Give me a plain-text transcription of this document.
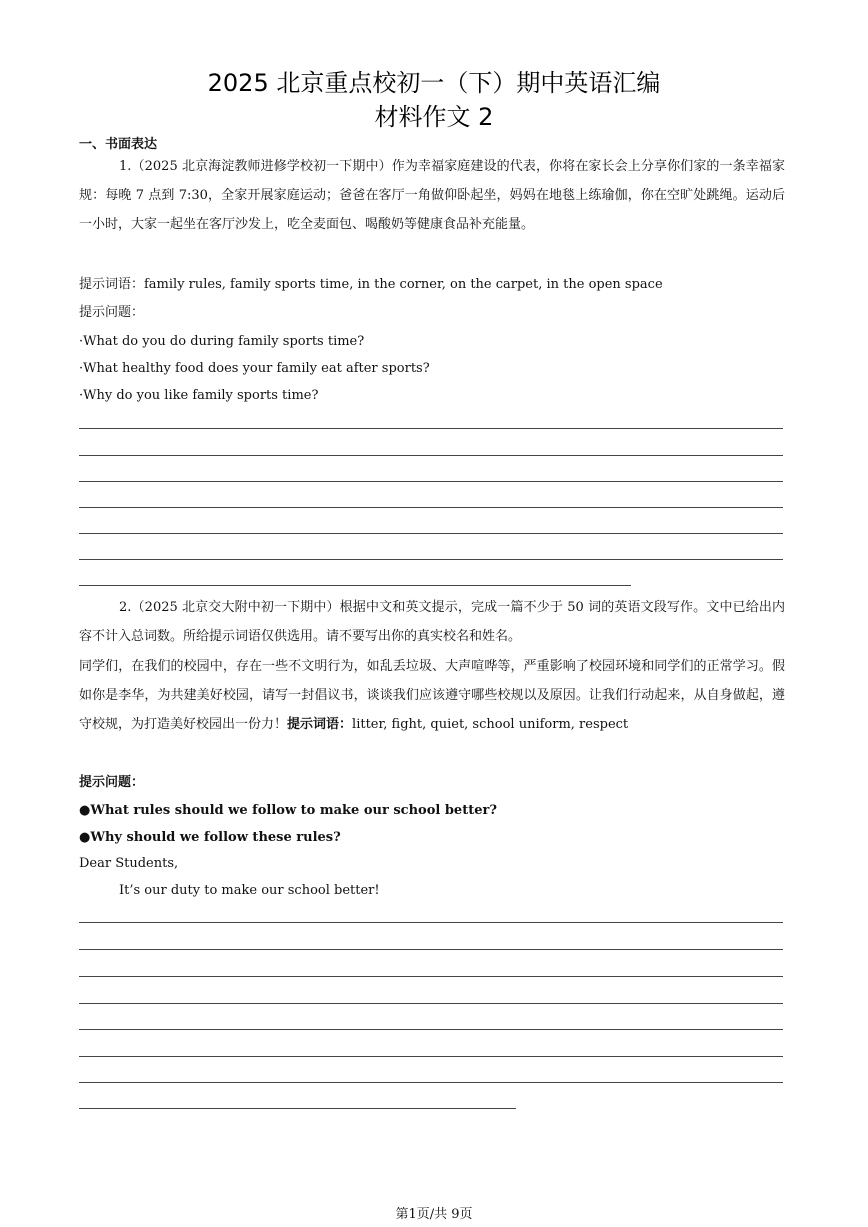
2025 北京重点校初一（下）期中英语汇编
材料作文 2
一、书面表达
1.（2025 北京海淀教师进修学校初一下期中）作为幸福家庭建设的代表，你将在家长会上分享你们家的一条幸福家规：每晚 7 点到 7:30，全家开展家庭运动；爸爸在客厅一角做仰卧起坐，妈妈在地毯上练瑜伽，你在空旷处跳绳。运动后一小时，大家一起坐在客厅沙发上，吃全麦面包、喝酸奶等健康食品补充能量。
提示词语：family rules, family sports time, in the corner, on the carpet, in the open space
提示问题：
·What do you do during family sports time?
·What healthy food does your family eat after sports?
·Why do you like family sports time?
2.（2025 北京交大附中初一下期中）根据中文和英文提示，完成一篇不少于 50 词的英语文段写作。文中已给出内容不计入总词数。所给提示词语仅供选用。请不要写出你的真实校名和姓名。
同学们，在我们的校园中，存在一些不文明行为，如乱丢垃圾、大声喧哗等，严重影响了校园环境和同学们的正常学习。假如你是李华，为共建美好校园，请写一封倡议书，谈谈我们应该遵守哪些校规以及原因。让我们行动起来，从自身做起，遵守校规，为打造美好校园出一份力！提示词语：litter, fight, quiet, school uniform, respect
提示问题：
●What rules should we follow to make our school better?
●Why should we follow these rules?
Dear Students,
It’s our duty to make our school better!
第1页/共 9页
